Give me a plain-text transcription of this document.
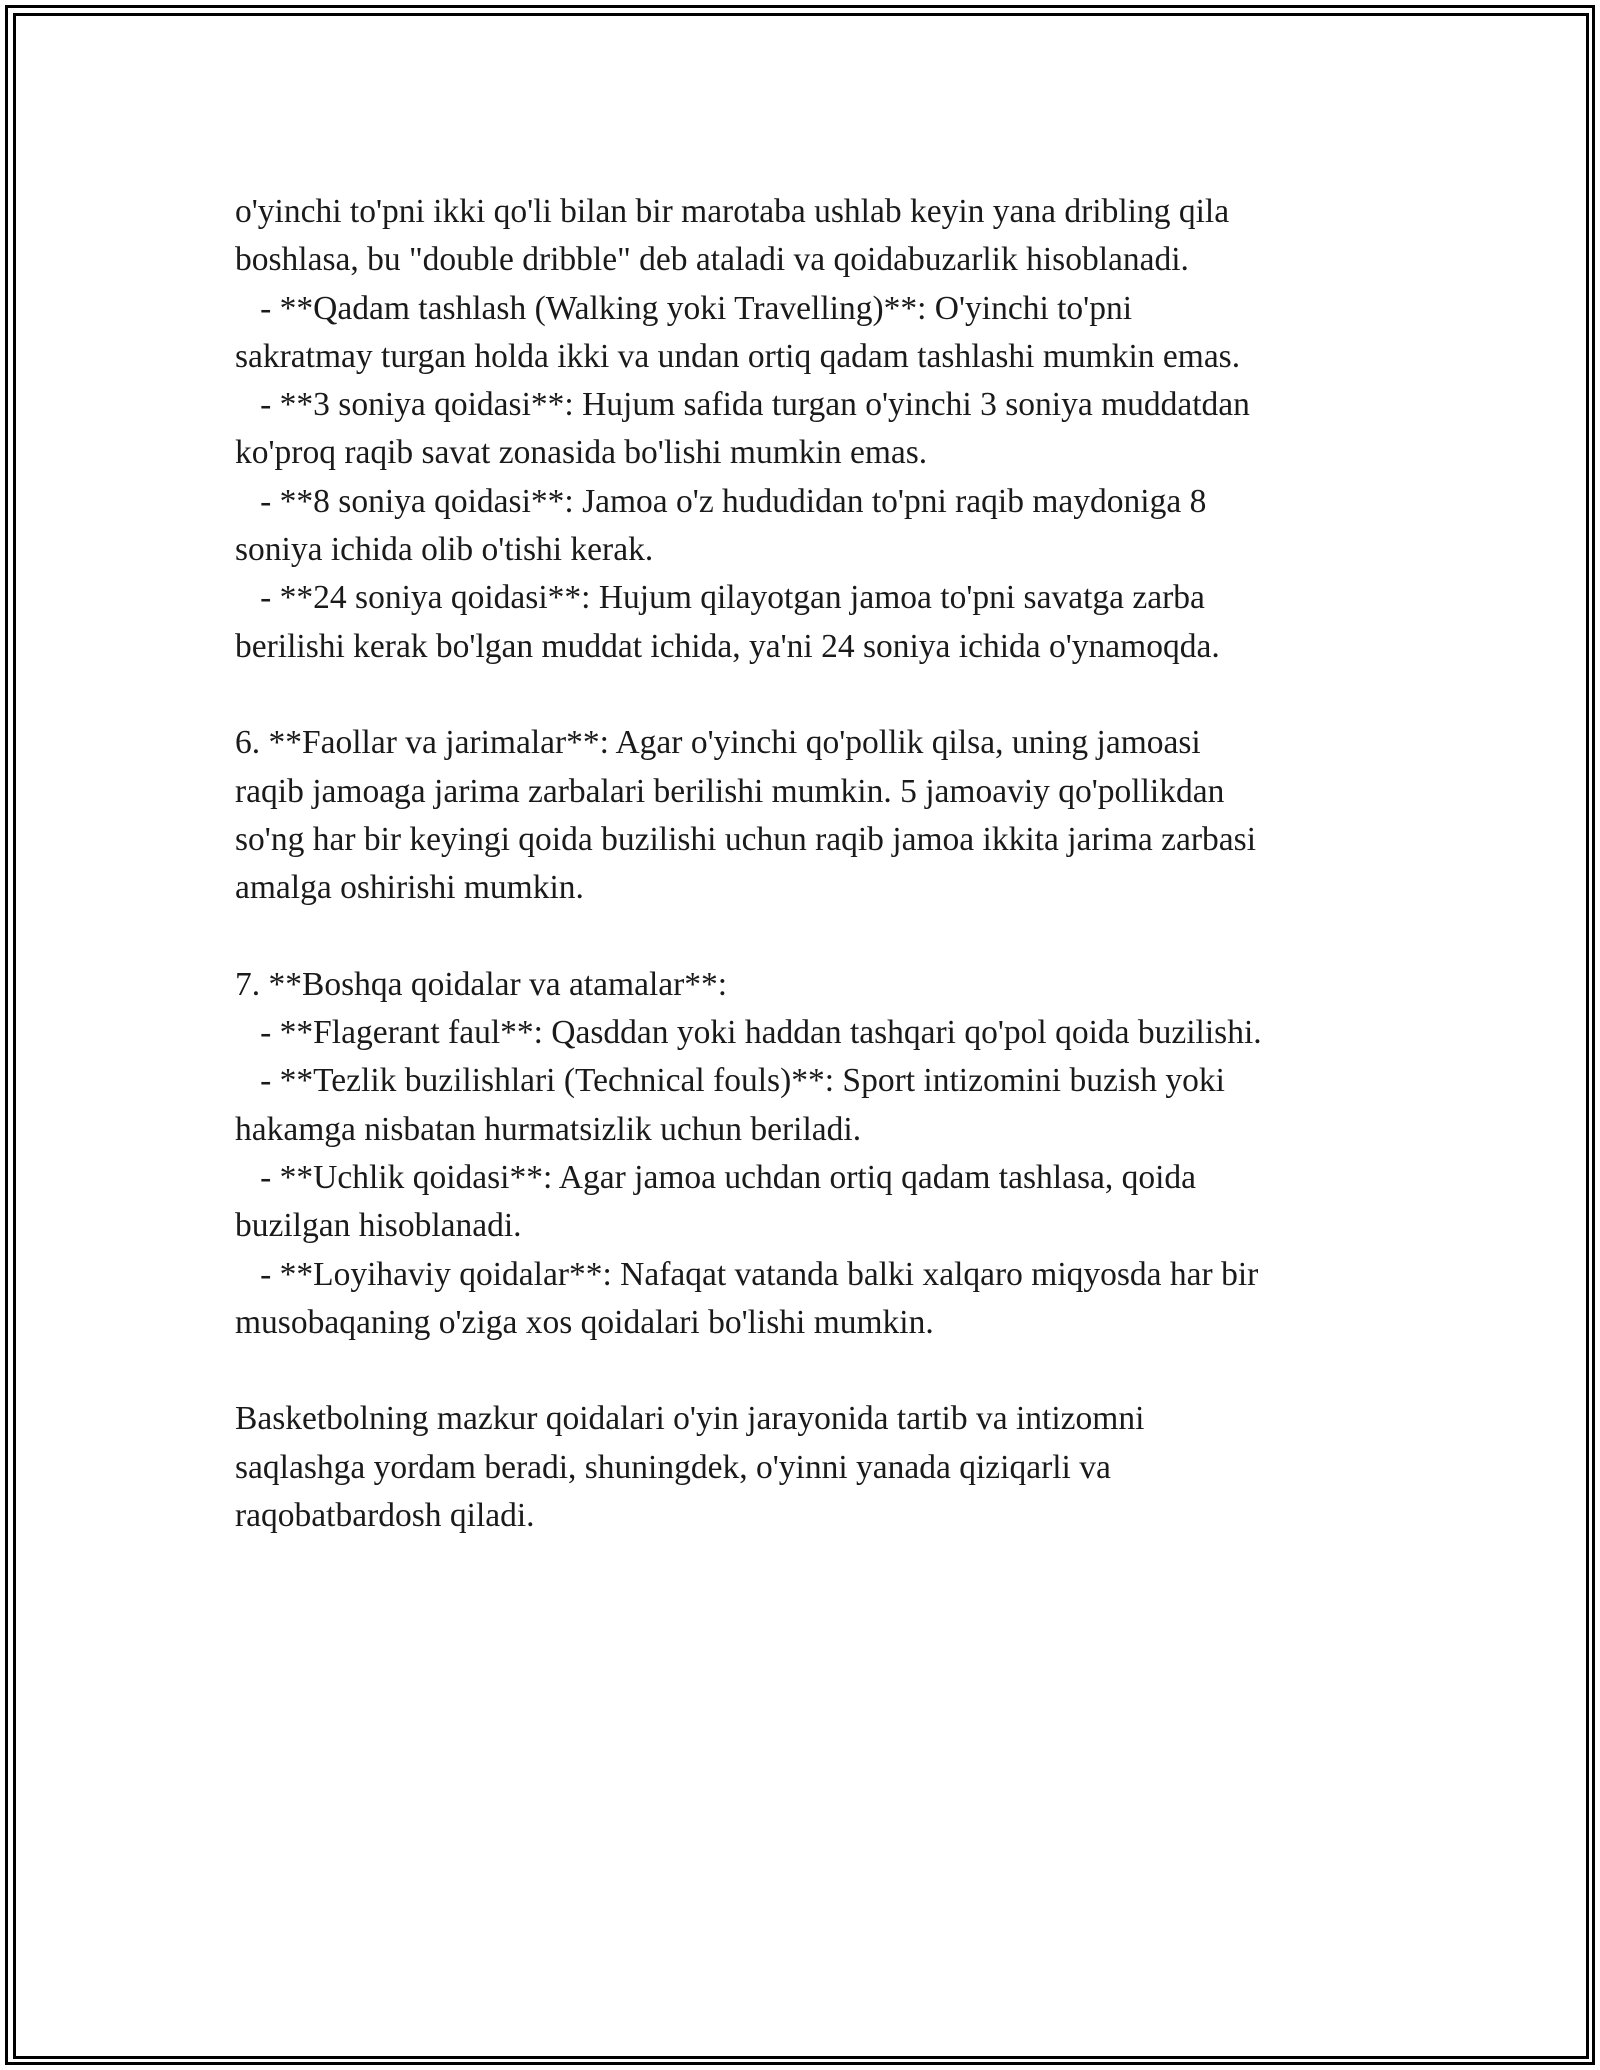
o'yinchi to'pni ikki qo'li bilan bir marotaba ushlab keyin yana dribling qila
boshlasa, bu "double dribble" deb ataladi va qoidabuzarlik hisoblanadi.
- **Qadam tashlash (Walking yoki Travelling)**: O'yinchi to'pni
sakratmay turgan holda ikki va undan ortiq qadam tashlashi mumkin emas.
- **3 soniya qoidasi**: Hujum safida turgan o'yinchi 3 soniya muddatdan
ko'proq raqib savat zonasida bo'lishi mumkin emas.
- **8 soniya qoidasi**: Jamoa o'z hududidan to'pni raqib maydoniga 8
soniya ichida olib o'tishi kerak.
- **24 soniya qoidasi**: Hujum qilayotgan jamoa to'pni savatga zarba
berilishi kerak bo'lgan muddat ichida, ya'ni 24 soniya ichida o'ynamoqda.
6. **Faollar va jarimalar**: Agar o'yinchi qo'pollik qilsa, uning jamoasi
raqib jamoaga jarima zarbalari berilishi mumkin. 5 jamoaviy qo'pollikdan
so'ng har bir keyingi qoida buzilishi uchun raqib jamoa ikkita jarima zarbasi
amalga oshirishi mumkin.
7. **Boshqa qoidalar va atamalar**:
- **Flagerant faul**: Qasddan yoki haddan tashqari qo'pol qoida buzilishi.
- **Tezlik buzilishlari (Technical fouls)**: Sport intizomini buzish yoki
hakamga nisbatan hurmatsizlik uchun beriladi.
- **Uchlik qoidasi**: Agar jamoa uchdan ortiq qadam tashlasa, qoida
buzilgan hisoblanadi.
- **Loyihaviy qoidalar**: Nafaqat vatanda balki xalqaro miqyosda har bir
musobaqaning o'ziga xos qoidalari bo'lishi mumkin.
Basketbolning mazkur qoidalari o'yin jarayonida tartib va intizomni
saqlashga yordam beradi, shuningdek, o'yinni yanada qiziqarli va
raqobatbardosh qiladi.
